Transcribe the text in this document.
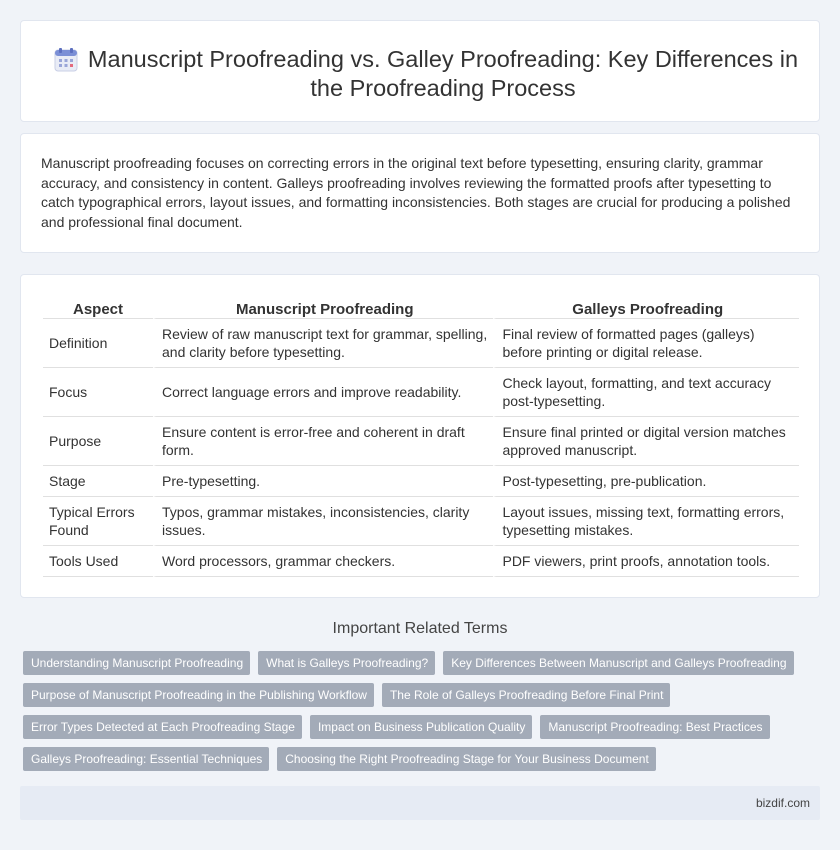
Manuscript Proofreading vs. Galley Proofreading: Key Differences in the Proofreading Process

Manuscript proofreading focuses on correcting errors in the original text before typesetting, ensuring clarity, grammar accuracy, and consistency in content. Galleys proofreading involves reviewing the formatted proofs after typesetting to catch typographical errors, layout issues, and formatting inconsistencies. Both stages are crucial for producing a polished and professional final document.

Aspect	Manuscript Proofreading	Galleys Proofreading
Definition	Review of raw manuscript text for grammar, spelling, and clarity before typesetting.	Final review of formatted pages (galleys) before printing or digital release.
Focus	Correct language errors and improve readability.	Check layout, formatting, and text accuracy post-typesetting.
Purpose	Ensure content is error-free and coherent in draft form.	Ensure final printed or digital version matches approved manuscript.
Stage	Pre-typesetting.	Post-typesetting, pre-publication.
Typical Errors Found	Typos, grammar mistakes, inconsistencies, clarity issues.	Layout issues, missing text, formatting errors, typesetting mistakes.
Tools Used	Word processors, grammar checkers.	PDF viewers, print proofs, annotation tools.
Important Related Terms
Understanding Manuscript Proofreading	What is Galleys Proofreading?	Key Differences Between Manuscript and Galleys Proofreading
Purpose of Manuscript Proofreading in the Publishing Workflow	The Role of Galleys Proofreading Before Final Print
Error Types Detected at Each Proofreading Stage	Impact on Business Publication Quality	Manuscript Proofreading: Best Practices
Galleys Proofreading: Essential Techniques	Choosing the Right Proofreading Stage for Your Business Document
bizdif.com
